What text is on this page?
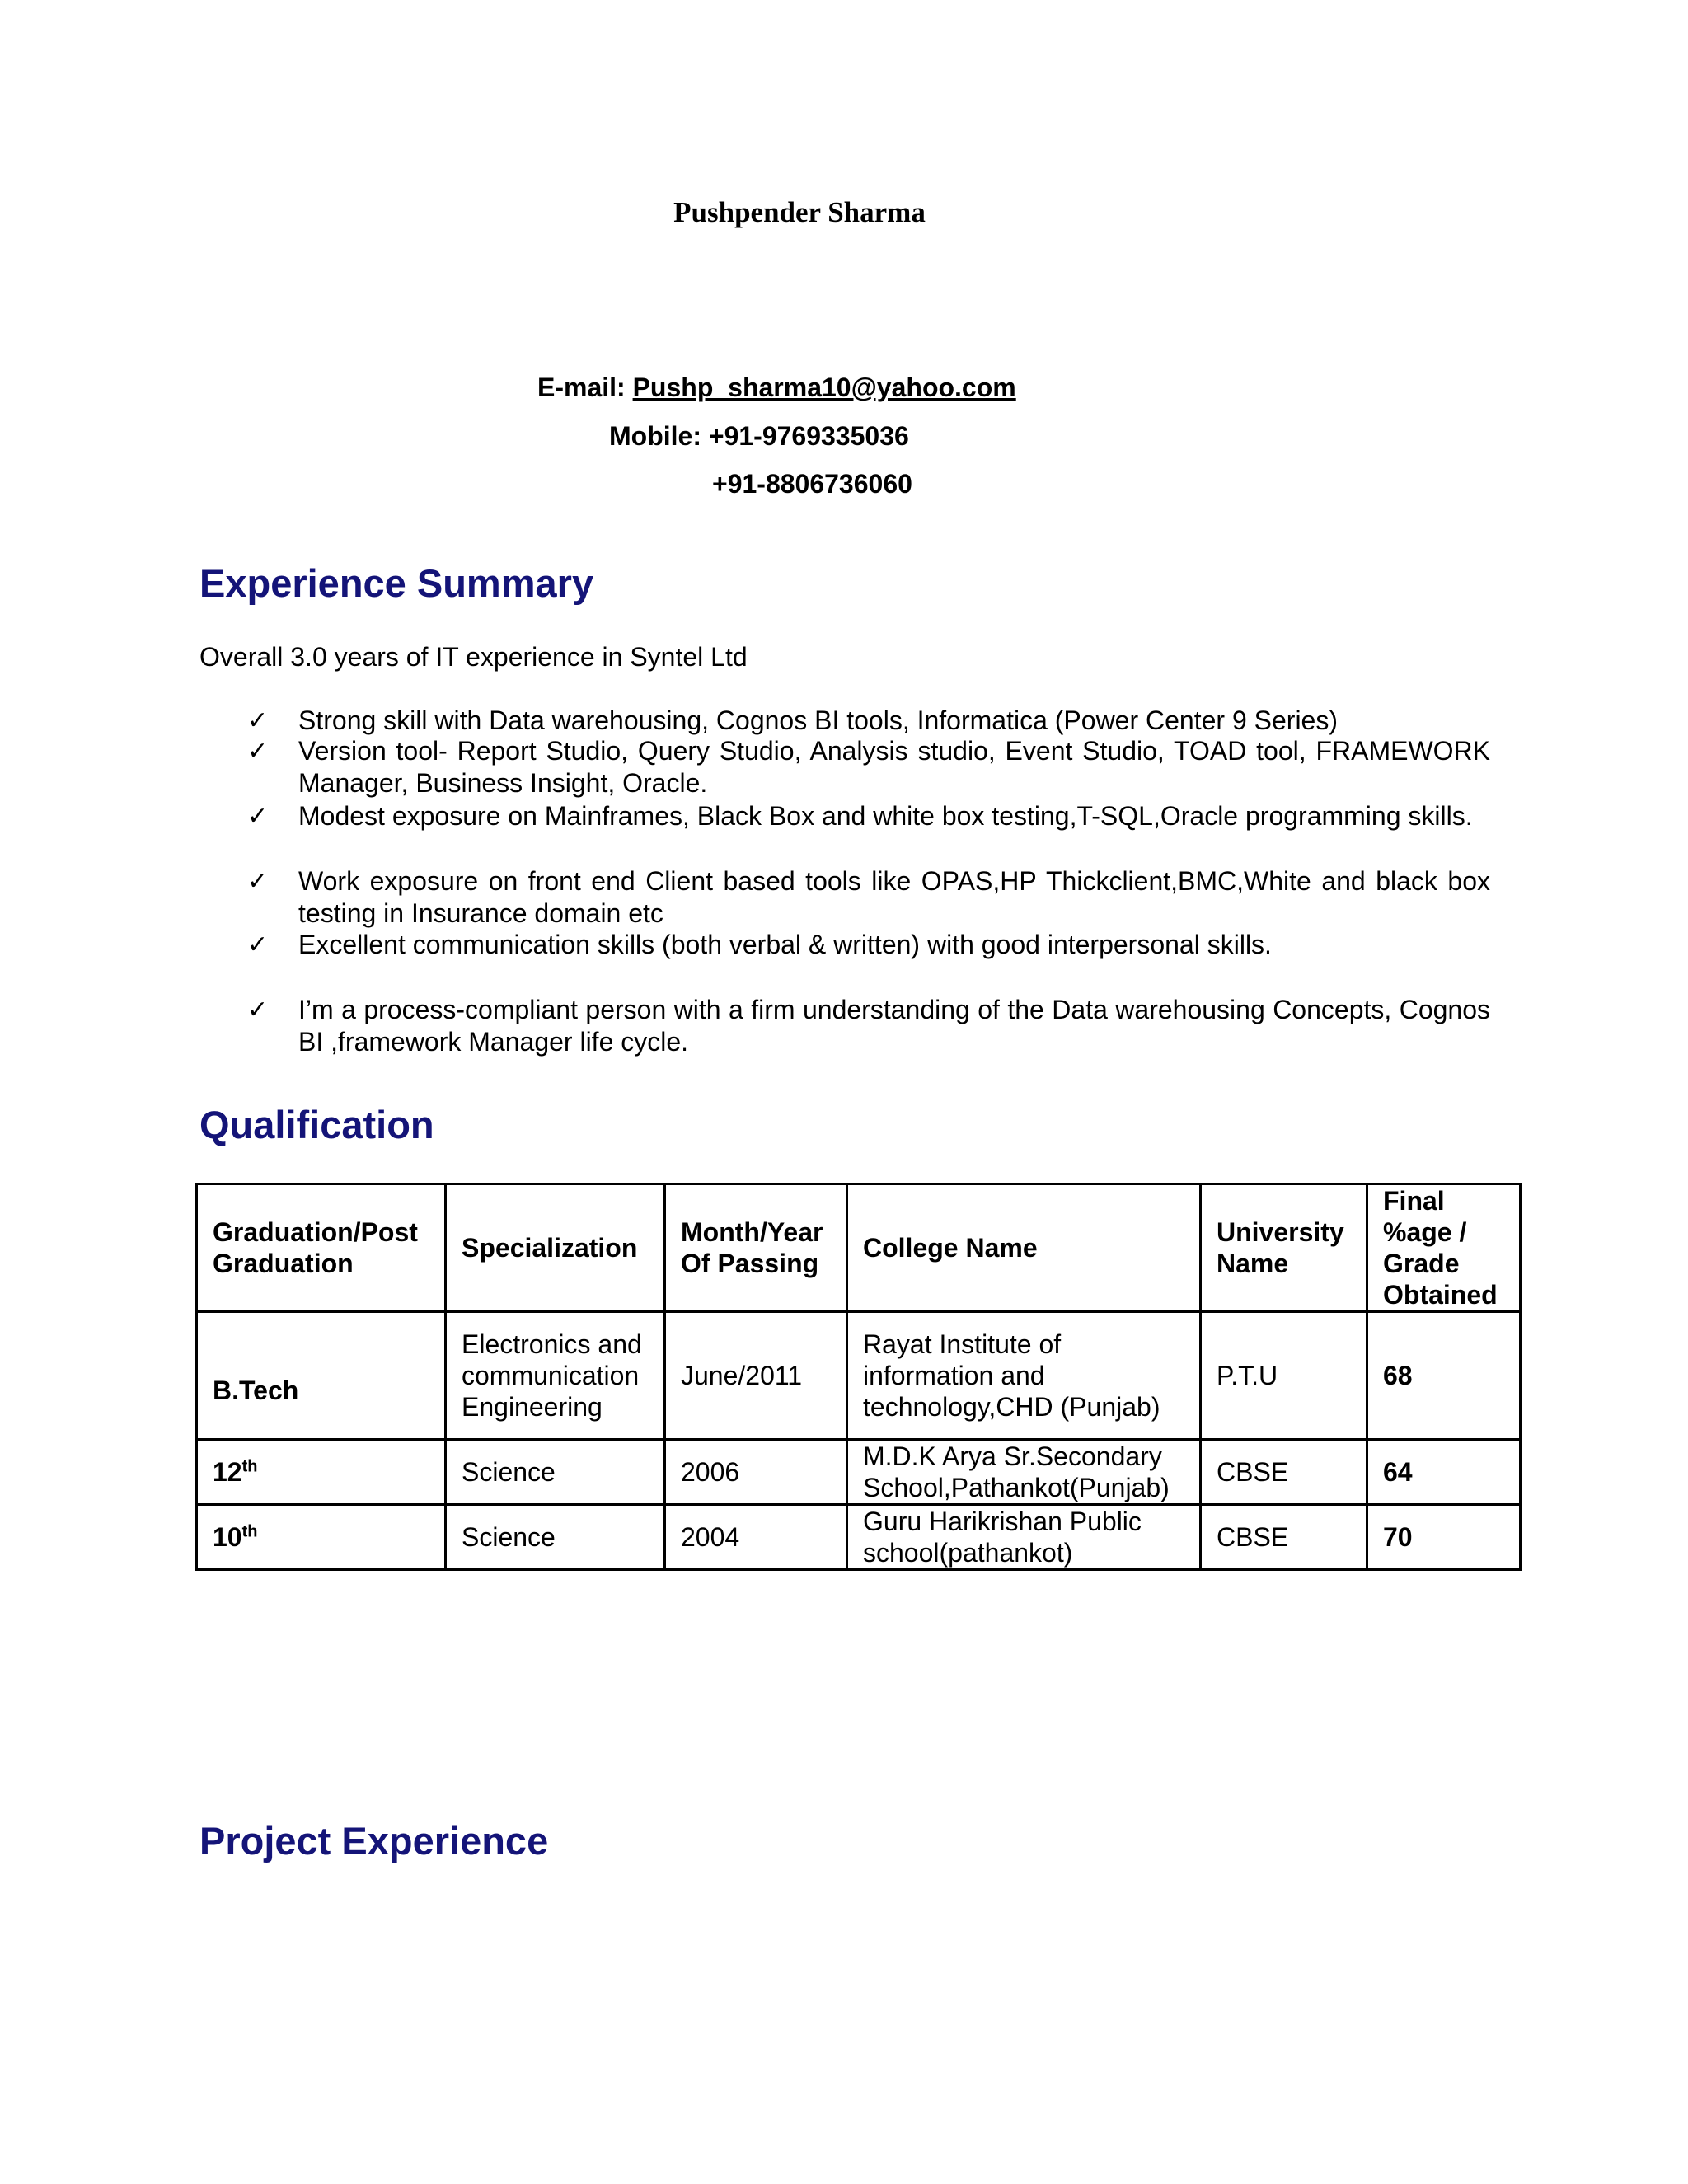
Pushpender Sharma
E-mail: Pushp_sharma10@yahoo.com
Mobile: +91-9769335036
+91-8806736060
Experience Summary
Overall 3.0 years of IT experience in Syntel Ltd
✓	Strong skill with Data warehousing, Cognos BI tools, Informatica (Power Center 9 Series)
✓	Version tool- Report Studio, Query Studio, Analysis studio, Event Studio, TOAD tool, FRAMEWORK Manager, Business Insight, Oracle.
✓	Modest exposure on Mainframes, Black Box and white box testing,T-SQL,Oracle programming skills.
✓	Work exposure on front end Client based tools like OPAS,HP Thickclient,BMC,White and black box testing in Insurance domain etc
✓	Excellent communication skills (both verbal & written) with good interpersonal skills.
✓	I’m a process-compliant person with a firm understanding of the Data warehousing Concepts, Cognos BI ,framework Manager life cycle.
Qualification
Graduation/Post Graduation	Specialization	Month/Year Of Passing	College Name	University Name	Final %age / Grade Obtained
B.Tech	Electronics and communication Engineering	June/2011	Rayat Institute of information and technology,CHD (Punjab)	P.T.U	68
12th	Science	2006	M.D.K Arya Sr.Secondary School,Pathankot(Punjab)	CBSE	64
10th	Science	2004	Guru Harikrishan Public school(pathankot)	CBSE	70
Project Experience
